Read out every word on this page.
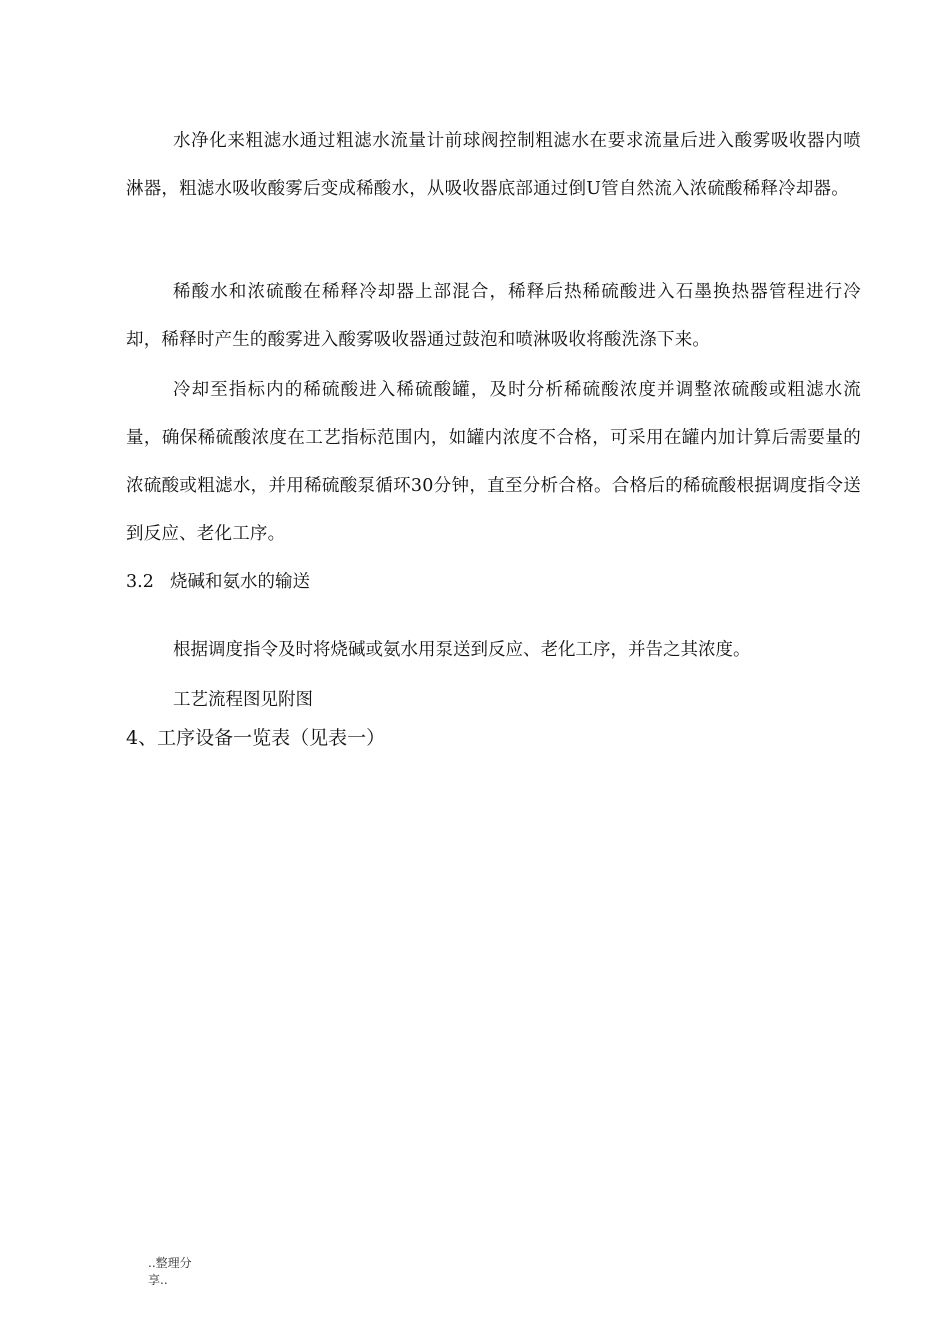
水净化来粗滤水通过粗滤水流量计前球阀控制粗滤水在要求流量后进入酸雾吸收器内喷淋器，粗滤水吸收酸雾后变成稀酸水，从吸收器底部通过倒U管自然流入浓硫酸稀释冷却器。

稀酸水和浓硫酸在稀释冷却器上部混合，稀释后热稀硫酸进入石墨换热器管程进行冷却，稀释时产生的酸雾进入酸雾吸收器通过鼓泡和喷淋吸收将酸洗涤下来。

冷却至指标内的稀硫酸进入稀硫酸罐，及时分析稀硫酸浓度并调整浓硫酸或粗滤水流量，确保稀硫酸浓度在工艺指标范围内，如罐内浓度不合格，可采用在罐内加计算后需要量的浓硫酸或粗滤水，并用稀硫酸泵循环30分钟，直至分析合格。合格后的稀硫酸根据调度指令送到反应、老化工序。

3.2 烧碱和氨水的输送

根据调度指令及时将烧碱或氨水用泵送到反应、老化工序，并告之其浓度。

工艺流程图见附图

4、工序设备一览表（见表一）

..整理分享..
